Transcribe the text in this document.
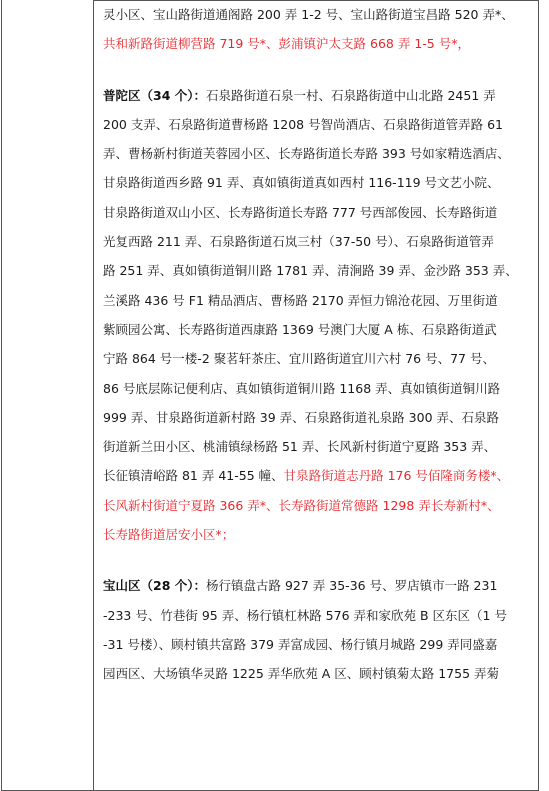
灵小区、宝山路街道通阁路 200 弄 1-2 号、宝山路街道宝昌路 520 弄*、
共和新路街道柳营路 719 号*、彭浦镇沪太支路 668 弄 1-5 号*，
普陀区（34 个）：石泉路街道石泉一村、石泉路街道中山北路 2451 弄
200 支弄、石泉路街道曹杨路 1208 号智尚酒店、石泉路街道管弄路 61
弄、曹杨新村街道芙蓉园小区、长寿路街道长寿路 393 号如家精选酒店、
甘泉路街道西乡路 91 弄、真如镇街道真如西村 116-119 号文艺小院、
甘泉路街道双山小区、长寿路街道长寿路 777 号西部俊园、长寿路街道
光复西路 211 弄、石泉路街道石岚三村（37-50 号）、石泉路街道管弄
路 251 弄、真如镇街道铜川路 1781 弄、清涧路 39 弄、金沙路 353 弄、
兰溪路 436 号 F1 精品酒店、曹杨路 2170 弄恒力锦沧花园、万里街道
紫顾园公寓、长寿路街道西康路 1369 号澳门大厦 A 栋、石泉路街道武
宁路 864 号一楼-2 聚茗轩茶庄、宜川路街道宜川六村 76 号、77 号、
86 号底层陈记便利店、真如镇街道铜川路 1168 弄、真如镇街道铜川路
999 弄、甘泉路街道新村路 39 弄、石泉路街道礼泉路 300 弄、石泉路
街道新兰田小区、桃浦镇绿杨路 51 弄、长风新村街道宁夏路 353 弄、
长征镇清峪路 81 弄 41-55 幢、甘泉路街道志丹路 176 号佰隆商务楼*、
长风新村街道宁夏路 366 弄*、长寿路街道常德路 1298 弄长寿新村*、
长寿路街道居安小区*；
宝山区（28 个）：杨行镇盘古路 927 弄 35-36 号、罗店镇市一路 231
-233 号、竹巷街 95 弄、杨行镇杠林路 576 弄和家欣苑 B 区东区（1 号
-31 号楼）、顾村镇共富路 379 弄富成园、杨行镇月城路 299 弄同盛嘉
园西区、大场镇华灵路 1225 弄华欣苑 A 区、顾村镇菊太路 1755 弄菊
